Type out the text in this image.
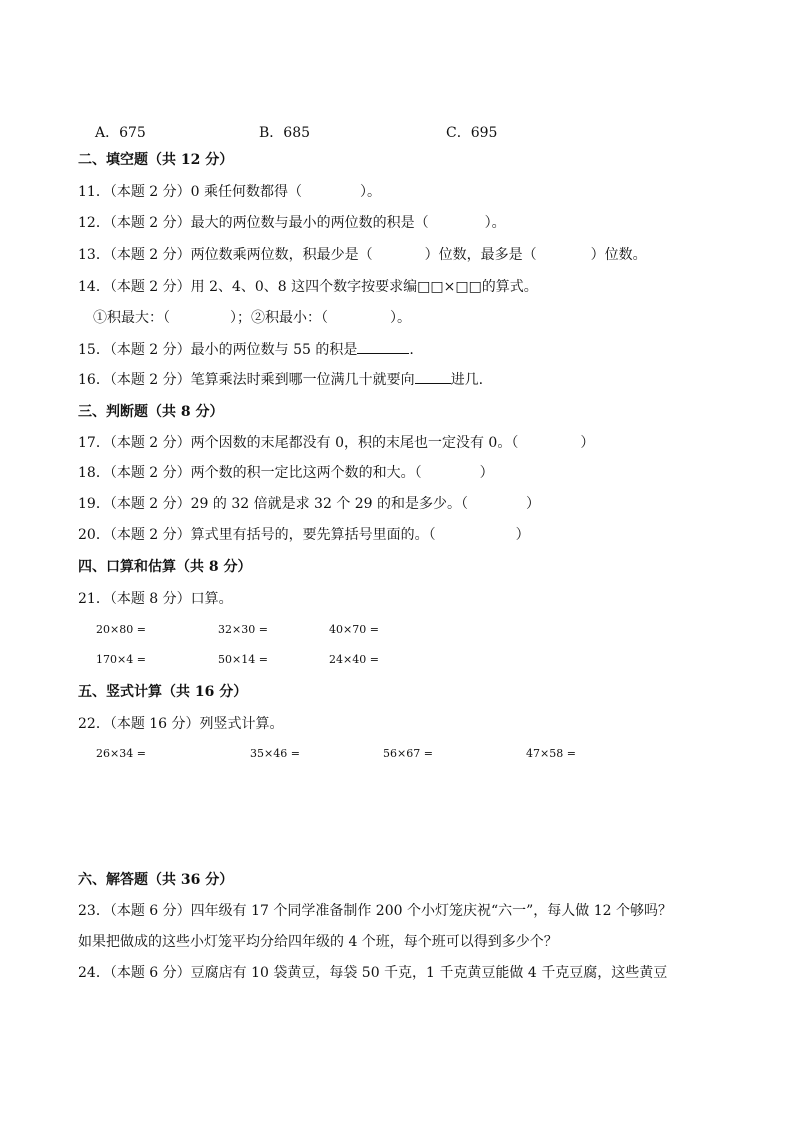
A．675	B．685	C．695
二、填空题（共 12 分）
11．（本题 2 分）0 乘任何数都得（	）。
12．（本题 2 分）最大的两位数与最小的两位数的积是（	）。
13．（本题 2 分）两位数乘两位数，积最少是（	）位数，最多是（	）位数。
14．（本题 2 分）用 2、4、0、8 这四个数字按要求编□□×□□的算式。
①积最大：（	）；②积最小：（	）。
15．（本题 2 分）最小的两位数与 55 的积是	.
16．（本题 2 分）笔算乘法时乘到哪一位满几十就要向	进几.
三、判断题（共 8 分）
17．（本题 2 分）两个因数的末尾都没有 0，积的末尾也一定没有 0。（	）
18．（本题 2 分）两个数的积一定比这两个数的和大。（	）
19．（本题 2 分）29 的 32 倍就是求 32 个 29 的和是多少。（	）
20．（本题 2 分）算式里有括号的，要先算括号里面的。（	）
四、口算和估算（共 8 分）
21．（本题 8 分）口算。
20×80 =	32×30 =	40×70 =
170×4 =	50×14 =	24×40 =
五、竖式计算（共 16 分）
22．（本题 16 分）列竖式计算。
26×34 =	35×46 =	56×67 =	47×58 =
六、解答题（共 36 分）
23．（本题 6 分）四年级有 17 个同学准备制作 200 个小灯笼庆祝“六一”，每人做 12 个够吗？
如果把做成的这些小灯笼平均分给四年级的 4 个班，每个班可以得到多少个？
24．（本题 6 分）豆腐店有 10 袋黄豆，每袋 50 千克，1 千克黄豆能做 4 千克豆腐，这些黄豆
